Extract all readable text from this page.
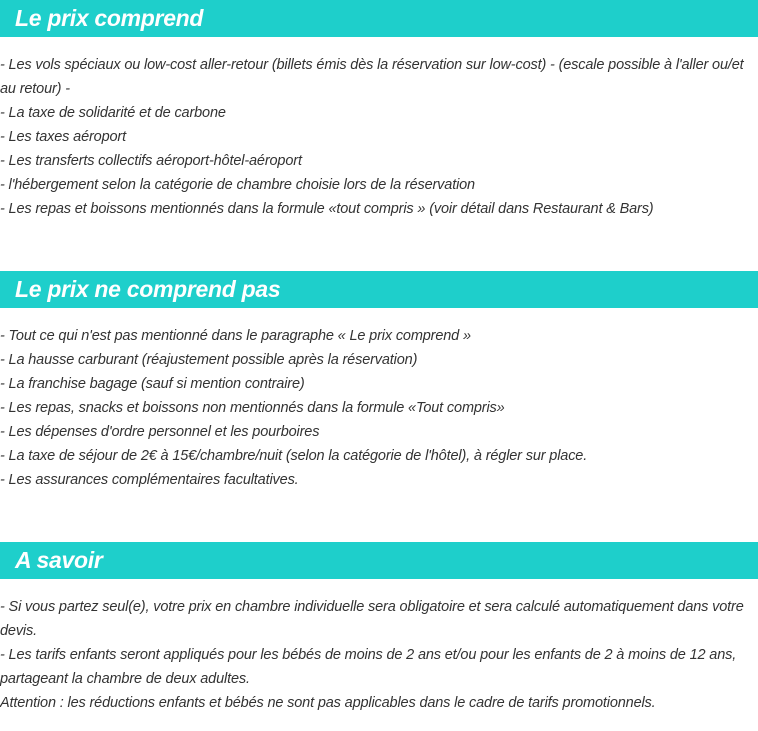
Le prix comprend
- Les vols spéciaux ou low-cost aller-retour (billets émis dès la réservation sur low-cost) - (escale possible à l'aller ou/et
au retour) -
- La taxe de solidarité et de carbone
- Les taxes aéroport
- Les transferts collectifs aéroport-hôtel-aéroport
- l'hébergement selon la catégorie de chambre choisie lors de la réservation
- Les repas et boissons mentionnés dans la formule «tout compris » (voir détail dans Restaurant & Bars)
Le prix ne comprend pas
- Tout ce qui n'est pas mentionné dans le paragraphe « Le prix comprend »
- La hausse carburant (réajustement possible après la réservation)
- La franchise bagage (sauf si mention contraire)
- Les repas, snacks et boissons non mentionnés dans la formule «Tout compris»
- Les dépenses d'ordre personnel et les pourboires
- La taxe de séjour de 2€ à 15€/chambre/nuit (selon la catégorie de l'hôtel), à régler sur place.
- Les assurances complémentaires facultatives.
A savoir
- Si vous partez seul(e), votre prix en chambre individuelle sera obligatoire et sera calculé automatiquement dans votre
devis.
- Les tarifs enfants seront appliqués pour les bébés de moins de 2 ans et/ou pour les enfants de 2 à moins de 12 ans,
partageant la chambre de deux adultes.
Attention : les réductions enfants et bébés ne sont pas applicables dans le cadre de tarifs promotionnels.
